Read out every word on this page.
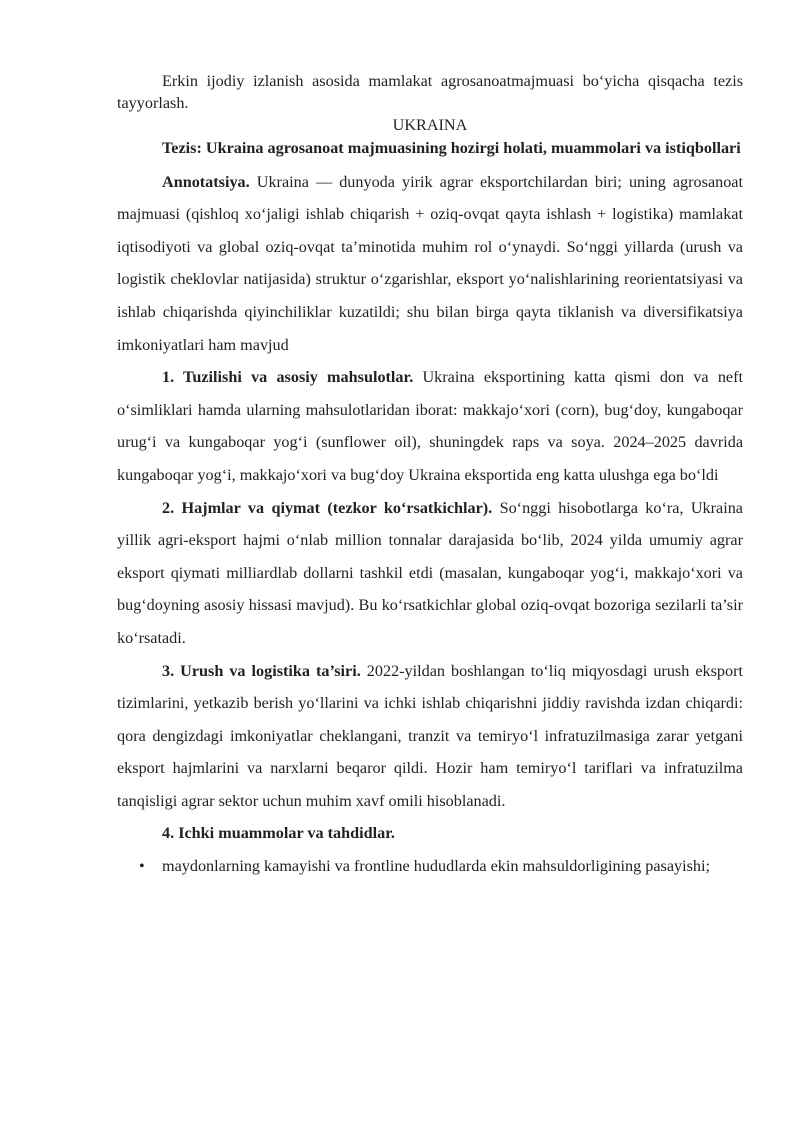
Erkin ijodiy izlanish asosida mamlakat agrosanoatmajmuasi bo‘yicha qisqacha tezis tayyorlash.

UKRAINA

Tezis: Ukraina agrosanoat majmuasining hozirgi holati, muammolari va istiqbollari

Annotatsiya. Ukraina — dunyoda yirik agrar eksportchilardan biri; uning agrosanoat majmuasi (qishloq xo‘jaligi ishlab chiqarish + oziq-ovqat qayta ishlash + logistika) mamlakat iqtisodiyoti va global oziq-ovqat ta’minotida muhim rol o‘ynaydi. So‘nggi yillarda (urush va logistik cheklovlar natijasida) struktur o‘zgarishlar, eksport yo‘nalishlarining reorientatsiyasi va ishlab chiqarishda qiyinchiliklar kuzatildi; shu bilan birga qayta tiklanish va diversifikatsiya imkoniyatlari ham mavjud

1. Tuzilishi va asosiy mahsulotlar. Ukraina eksportining katta qismi don va neft o‘simliklari hamda ularning mahsulotlaridan iborat: makkajo‘xori (corn), bug‘doy, kungaboqar urug‘i va kungaboqar yog‘i (sunflower oil), shuningdek raps va soya. 2024–2025 davrida kungaboqar yog‘i, makkajo‘xori va bug‘doy Ukraina eksportida eng katta ulushga ega bo‘ldi

2. Hajmlar va qiymat (tezkor ko‘rsatkichlar). So‘nggi hisobotlarga ko‘ra, Ukraina yillik agri-eksport hajmi o‘nlab million tonnalar darajasida bo‘lib, 2024 yilda umumiy agrar eksport qiymati milliardlab dollarni tashkil etdi (masalan, kungaboqar yog‘i, makkajo‘xori va bug‘doyning asosiy hissasi mavjud). Bu ko‘rsatkichlar global oziq-ovqat bozoriga sezilarli ta’sir ko‘rsatadi.

3. Urush va logistika ta’siri. 2022-yildan boshlangan to‘liq miqyosdagi urush eksport tizimlarini, yetkazib berish yo‘llarini va ichki ishlab chiqarishni jiddiy ravishda izdan chiqardi: qora dengizdagi imkoniyatlar cheklangani, tranzit va temiryo‘l infratuzilmasiga zarar yetgani eksport hajmlarini va narxlarni beqaror qildi. Hozir ham temiryo‘l tariflari va infratuzilma tanqisligi agrar sektor uchun muhim xavf omili hisoblanadi.

4. Ichki muammolar va tahdidlar.

• maydonlarning kamayishi va frontline hududlarda ekin mahsuldorligining pasayishi;
